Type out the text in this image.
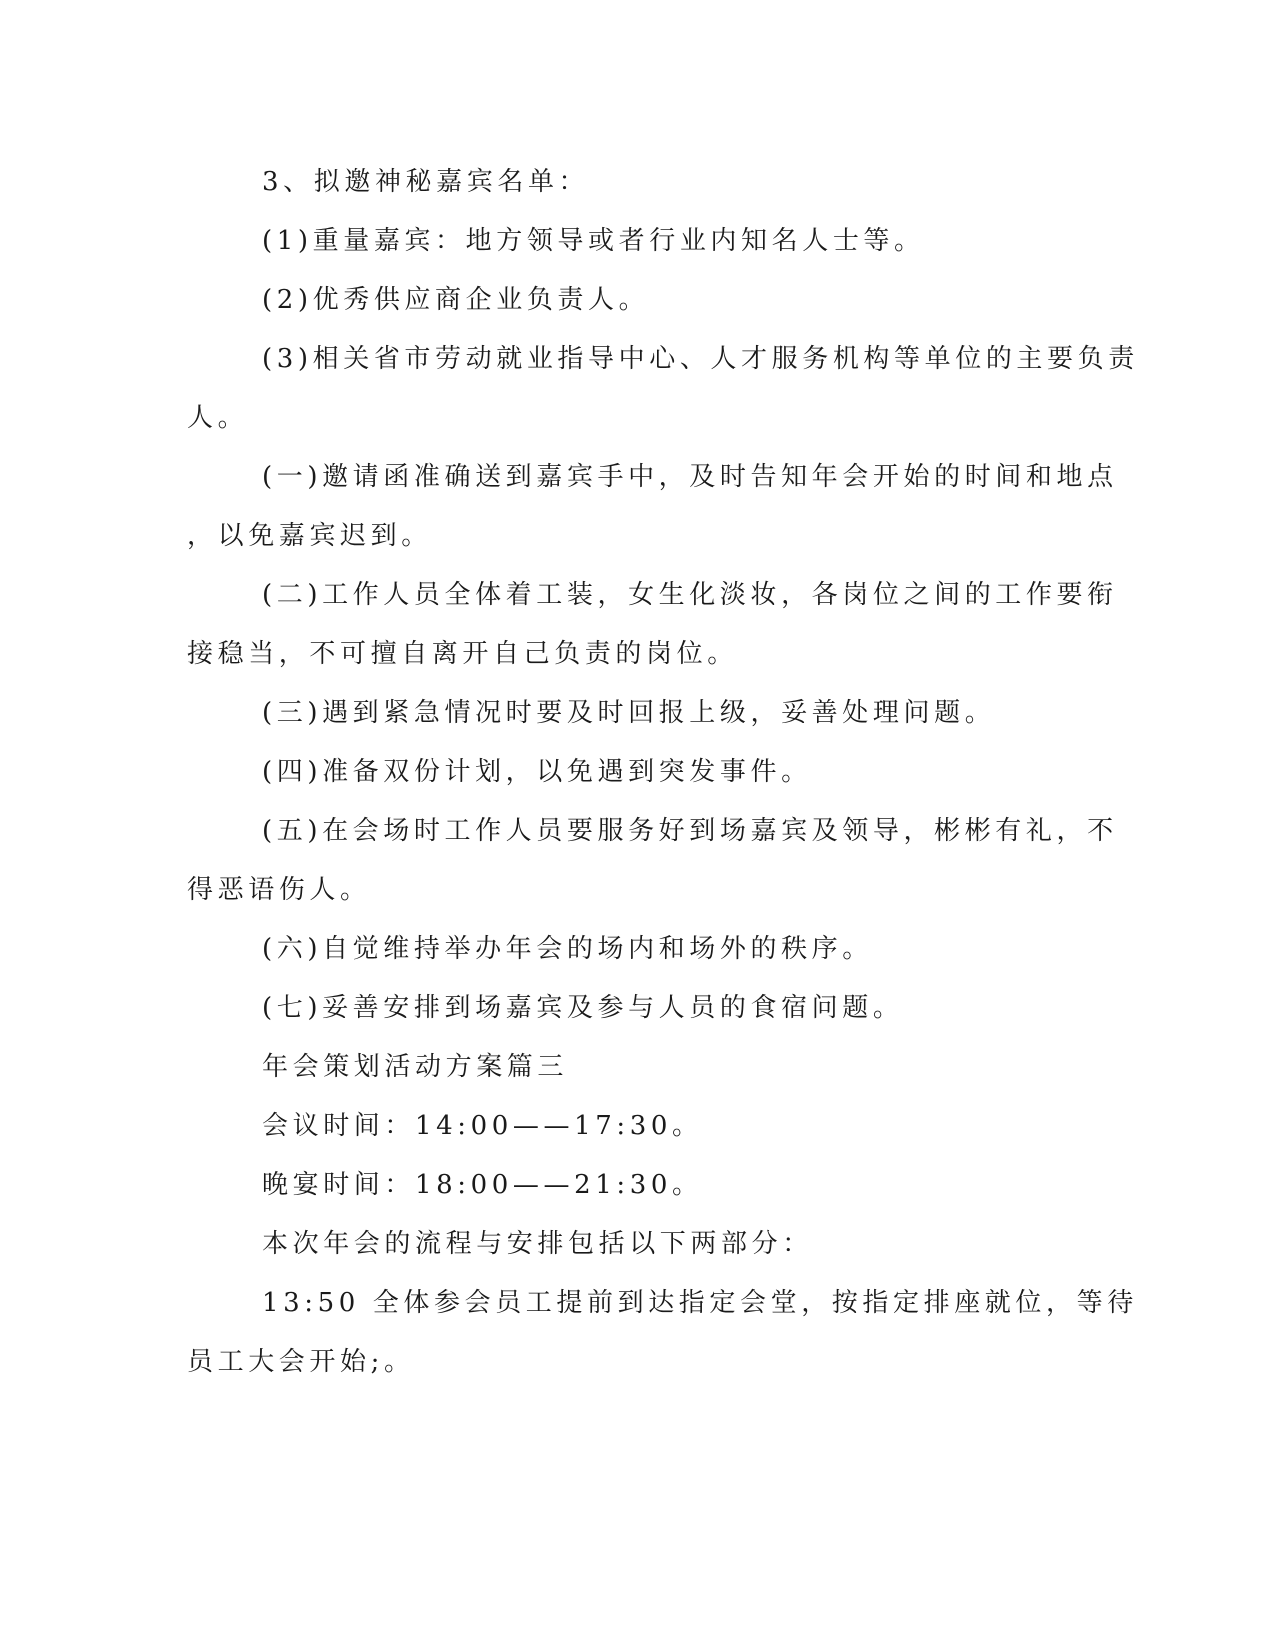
3、拟邀神秘嘉宾名单：
(1)重量嘉宾：地方领导或者行业内知名人士等。
(2)优秀供应商企业负责人。
(3)相关省市劳动就业指导中心、人才服务机构等单位的主要负责
人。
(一)邀请函准确送到嘉宾手中，及时告知年会开始的时间和地点
，以免嘉宾迟到。
(二)工作人员全体着工装，女生化淡妆，各岗位之间的工作要衔
接稳当，不可擅自离开自己负责的岗位。
(三)遇到紧急情况时要及时回报上级，妥善处理问题。
(四)准备双份计划，以免遇到突发事件。
(五)在会场时工作人员要服务好到场嘉宾及领导，彬彬有礼，不
得恶语伤人。
(六)自觉维持举办年会的场内和场外的秩序。
(七)妥善安排到场嘉宾及参与人员的食宿问题。
年会策划活动方案篇三
会议时间：14:00——17:30。
晚宴时间：18:00——21:30。
本次年会的流程与安排包括以下两部分：
13:50 全体参会员工提前到达指定会堂，按指定排座就位，等待
员工大会开始;。
